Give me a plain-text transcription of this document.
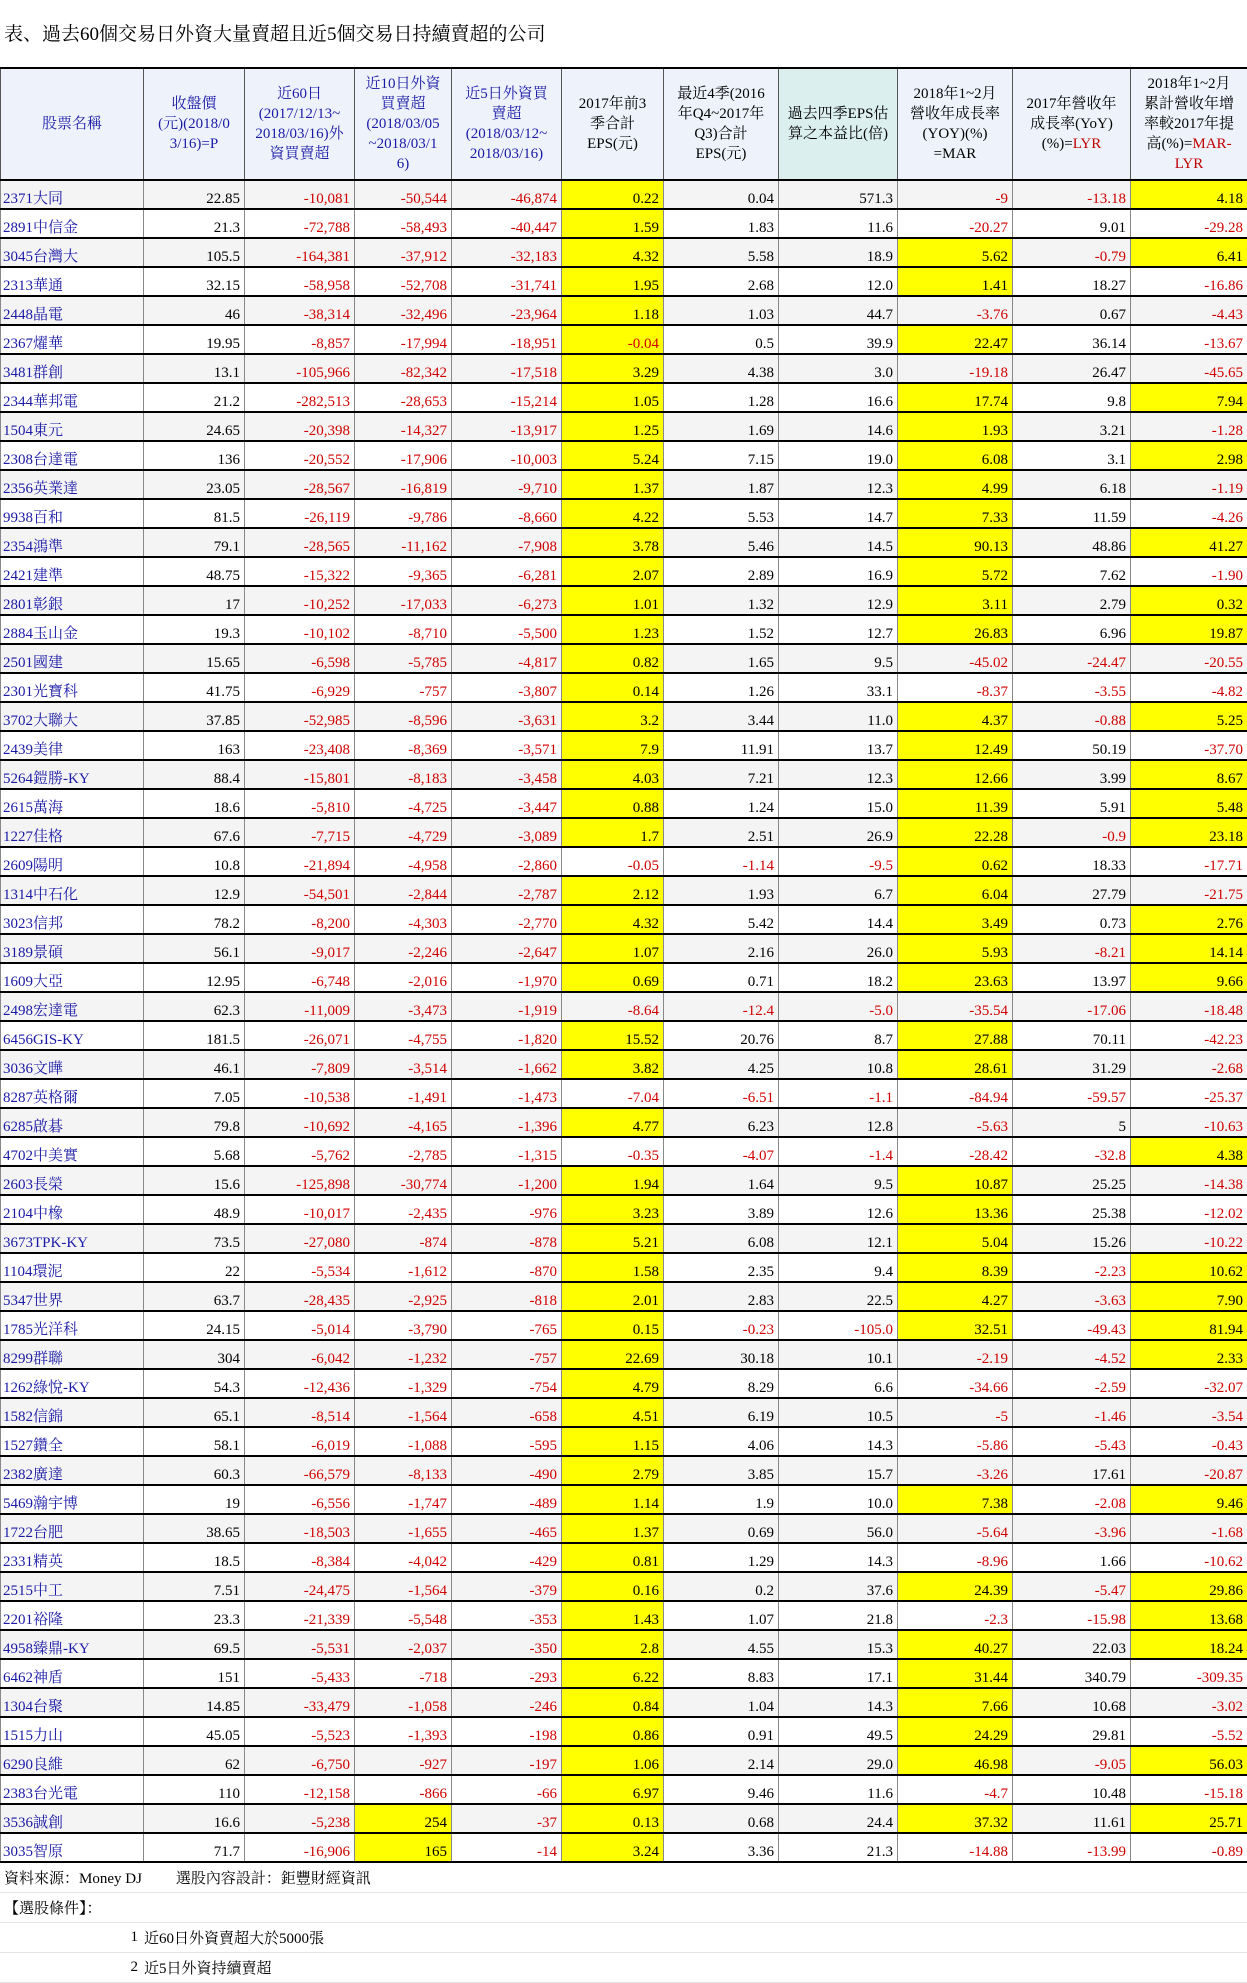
表、過去60個交易日外資大量賣超且近5個交易日持續賣超的公司
股票名稱	收盤價
(元)(2018/0
3/16)=P	近60日
(2017/12/13~
2018/03/16)外
資買賣超	近10日外資
買賣超
(2018/03/05
~2018/03/1
6)	近5日外資買
賣超
(2018/03/12~
2018/03/16)	2017年前3
季合計
EPS(元)	最近4季(2016
年Q4~2017年
Q3)合計
EPS(元)	過去四季EPS估
算之本益比(倍)	2018年1~2月
營收年成長率
(YOY)(%)
=MAR	2017年營收年
成長率(YoY)
(%)=LYR	2018年1~2月
累計營收年增
率較2017年提
高(%)=MAR-
LYR
2371大同	22.85	-10,081	-50,544	-46,874	0.22	0.04	571.3	-9	-13.18	4.18
2891中信金	21.3	-72,788	-58,493	-40,447	1.59	1.83	11.6	-20.27	9.01	-29.28
3045台灣大	105.5	-164,381	-37,912	-32,183	4.32	5.58	18.9	5.62	-0.79	6.41
2313華通	32.15	-58,958	-52,708	-31,741	1.95	2.68	12.0	1.41	18.27	-16.86
2448晶電	46	-38,314	-32,496	-23,964	1.18	1.03	44.7	-3.76	0.67	-4.43
2367燿華	19.95	-8,857	-17,994	-18,951	-0.04	0.5	39.9	22.47	36.14	-13.67
3481群創	13.1	-105,966	-82,342	-17,518	3.29	4.38	3.0	-19.18	26.47	-45.65
2344華邦電	21.2	-282,513	-28,653	-15,214	1.05	1.28	16.6	17.74	9.8	7.94
1504東元	24.65	-20,398	-14,327	-13,917	1.25	1.69	14.6	1.93	3.21	-1.28
2308台達電	136	-20,552	-17,906	-10,003	5.24	7.15	19.0	6.08	3.1	2.98
2356英業達	23.05	-28,567	-16,819	-9,710	1.37	1.87	12.3	4.99	6.18	-1.19
9938百和	81.5	-26,119	-9,786	-8,660	4.22	5.53	14.7	7.33	11.59	-4.26
2354鴻準	79.1	-28,565	-11,162	-7,908	3.78	5.46	14.5	90.13	48.86	41.27
2421建準	48.75	-15,322	-9,365	-6,281	2.07	2.89	16.9	5.72	7.62	-1.90
2801彰銀	17	-10,252	-17,033	-6,273	1.01	1.32	12.9	3.11	2.79	0.32
2884玉山金	19.3	-10,102	-8,710	-5,500	1.23	1.52	12.7	26.83	6.96	19.87
2501國建	15.65	-6,598	-5,785	-4,817	0.82	1.65	9.5	-45.02	-24.47	-20.55
2301光寶科	41.75	-6,929	-757	-3,807	0.14	1.26	33.1	-8.37	-3.55	-4.82
3702大聯大	37.85	-52,985	-8,596	-3,631	3.2	3.44	11.0	4.37	-0.88	5.25
2439美律	163	-23,408	-8,369	-3,571	7.9	11.91	13.7	12.49	50.19	-37.70
5264鎧勝-KY	88.4	-15,801	-8,183	-3,458	4.03	7.21	12.3	12.66	3.99	8.67
2615萬海	18.6	-5,810	-4,725	-3,447	0.88	1.24	15.0	11.39	5.91	5.48
1227佳格	67.6	-7,715	-4,729	-3,089	1.7	2.51	26.9	22.28	-0.9	23.18
2609陽明	10.8	-21,894	-4,958	-2,860	-0.05	-1.14	-9.5	0.62	18.33	-17.71
1314中石化	12.9	-54,501	-2,844	-2,787	2.12	1.93	6.7	6.04	27.79	-21.75
3023信邦	78.2	-8,200	-4,303	-2,770	4.32	5.42	14.4	3.49	0.73	2.76
3189景碩	56.1	-9,017	-2,246	-2,647	1.07	2.16	26.0	5.93	-8.21	14.14
1609大亞	12.95	-6,748	-2,016	-1,970	0.69	0.71	18.2	23.63	13.97	9.66
2498宏達電	62.3	-11,009	-3,473	-1,919	-8.64	-12.4	-5.0	-35.54	-17.06	-18.48
6456GIS-KY	181.5	-26,071	-4,755	-1,820	15.52	20.76	8.7	27.88	70.11	-42.23
3036文曄	46.1	-7,809	-3,514	-1,662	3.82	4.25	10.8	28.61	31.29	-2.68
8287英格爾	7.05	-10,538	-1,491	-1,473	-7.04	-6.51	-1.1	-84.94	-59.57	-25.37
6285啟碁	79.8	-10,692	-4,165	-1,396	4.77	6.23	12.8	-5.63	5	-10.63
4702中美實	5.68	-5,762	-2,785	-1,315	-0.35	-4.07	-1.4	-28.42	-32.8	4.38
2603長榮	15.6	-125,898	-30,774	-1,200	1.94	1.64	9.5	10.87	25.25	-14.38
2104中橡	48.9	-10,017	-2,435	-976	3.23	3.89	12.6	13.36	25.38	-12.02
3673TPK-KY	73.5	-27,080	-874	-878	5.21	6.08	12.1	5.04	15.26	-10.22
1104環泥	22	-5,534	-1,612	-870	1.58	2.35	9.4	8.39	-2.23	10.62
5347世界	63.7	-28,435	-2,925	-818	2.01	2.83	22.5	4.27	-3.63	7.90
1785光洋科	24.15	-5,014	-3,790	-765	0.15	-0.23	-105.0	32.51	-49.43	81.94
8299群聯	304	-6,042	-1,232	-757	22.69	30.18	10.1	-2.19	-4.52	2.33
1262綠悅-KY	54.3	-12,436	-1,329	-754	4.79	8.29	6.6	-34.66	-2.59	-32.07
1582信錦	65.1	-8,514	-1,564	-658	4.51	6.19	10.5	-5	-1.46	-3.54
1527鑽全	58.1	-6,019	-1,088	-595	1.15	4.06	14.3	-5.86	-5.43	-0.43
2382廣達	60.3	-66,579	-8,133	-490	2.79	3.85	15.7	-3.26	17.61	-20.87
5469瀚宇博	19	-6,556	-1,747	-489	1.14	1.9	10.0	7.38	-2.08	9.46
1722台肥	38.65	-18,503	-1,655	-465	1.37	0.69	56.0	-5.64	-3.96	-1.68
2331精英	18.5	-8,384	-4,042	-429	0.81	1.29	14.3	-8.96	1.66	-10.62
2515中工	7.51	-24,475	-1,564	-379	0.16	0.2	37.6	24.39	-5.47	29.86
2201裕隆	23.3	-21,339	-5,548	-353	1.43	1.07	21.8	-2.3	-15.98	13.68
4958臻鼎-KY	69.5	-5,531	-2,037	-350	2.8	4.55	15.3	40.27	22.03	18.24
6462神盾	151	-5,433	-718	-293	6.22	8.83	17.1	31.44	340.79	-309.35
1304台聚	14.85	-33,479	-1,058	-246	0.84	1.04	14.3	7.66	10.68	-3.02
1515力山	45.05	-5,523	-1,393	-198	0.86	0.91	49.5	24.29	29.81	-5.52
6290良維	62	-6,750	-927	-197	1.06	2.14	29.0	46.98	-9.05	56.03
2383台光電	110	-12,158	-866	-66	6.97	9.46	11.6	-4.7	10.48	-15.18
3536誠創	16.6	-5,238	254	-37	0.13	0.68	24.4	37.32	11.61	25.71
3035智原	71.7	-16,906	165	-14	3.24	3.36	21.3	-14.88	-13.99	-0.89
資料來源：Money DJ	選股內容設計：鉅豐財經資訊
【選股條件】：
1 近60日外資賣超大於5000張
2 近5日外資持續賣超
